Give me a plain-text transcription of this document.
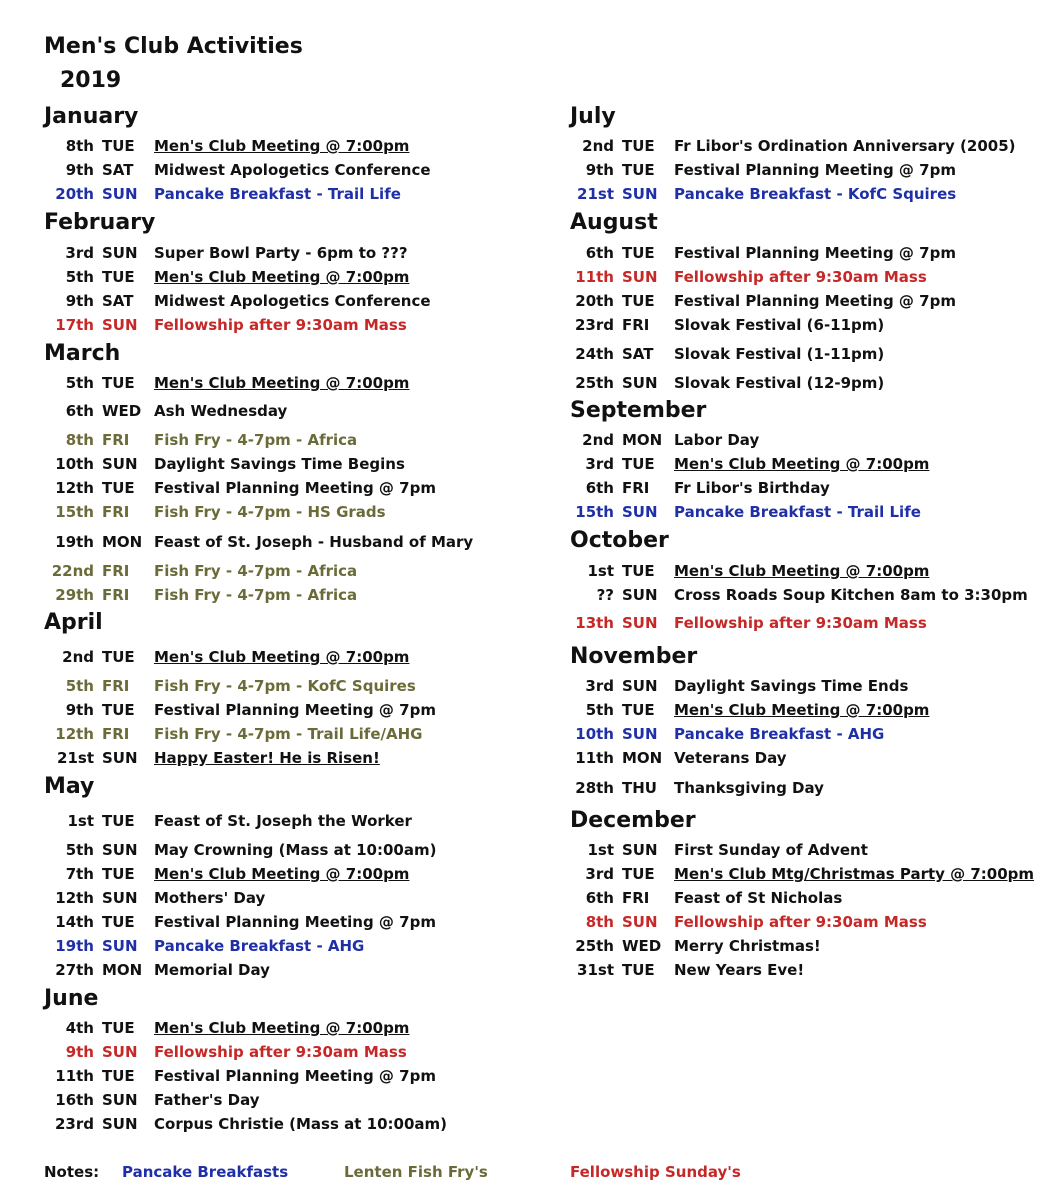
Men's Club Activities
2019
January
8th TUE Men's Club Meeting @ 7:00pm
9th SAT Midwest Apologetics Conference
20th SUN Pancake Breakfast - Trail Life
February
3rd SUN Super Bowl Party - 6pm to ???
5th TUE Men's Club Meeting @ 7:00pm
9th SAT Midwest Apologetics Conference
17th SUN Fellowship after 9:30am Mass
March
5th TUE Men's Club Meeting @ 7:00pm
6th WED Ash Wednesday
8th FRI Fish Fry - 4-7pm - Africa
10th SUN Daylight Savings Time Begins
12th TUE Festival Planning Meeting @ 7pm
15th FRI Fish Fry - 4-7pm - HS Grads
19th MON Feast of St. Joseph - Husband of Mary
22nd FRI Fish Fry - 4-7pm - Africa
29th FRI Fish Fry - 4-7pm - Africa
April
2nd TUE Men's Club Meeting @ 7:00pm
5th FRI Fish Fry - 4-7pm - KofC Squires
9th TUE Festival Planning Meeting @ 7pm
12th FRI Fish Fry - 4-7pm - Trail Life/AHG
21st SUN Happy Easter! He is Risen!
May
1st TUE Feast of St. Joseph the Worker
5th SUN May Crowning (Mass at 10:00am)
7th TUE Men's Club Meeting @ 7:00pm
12th SUN Mothers' Day
14th TUE Festival Planning Meeting @ 7pm
19th SUN Pancake Breakfast - AHG
27th MON Memorial Day
June
4th TUE Men's Club Meeting @ 7:00pm
9th SUN Fellowship after 9:30am Mass
11th TUE Festival Planning Meeting @ 7pm
16th SUN Father's Day
23rd SUN Corpus Christie (Mass at 10:00am)
July
2nd TUE Fr Libor's Ordination Anniversary (2005)
9th TUE Festival Planning Meeting @ 7pm
21st SUN Pancake Breakfast - KofC Squires
August
6th TUE Festival Planning Meeting @ 7pm
11th SUN Fellowship after 9:30am Mass
20th TUE Festival Planning Meeting @ 7pm
23rd FRI Slovak Festival (6-11pm)
24th SAT Slovak Festival (1-11pm)
25th SUN Slovak Festival (12-9pm)
September
2nd MON Labor Day
3rd TUE Men's Club Meeting @ 7:00pm
6th FRI Fr Libor's Birthday
15th SUN Pancake Breakfast - Trail Life
October
1st TUE Men's Club Meeting @ 7:00pm
?? SUN Cross Roads Soup Kitchen 8am to 3:30pm
13th SUN Fellowship after 9:30am Mass
November
3rd SUN Daylight Savings Time Ends
5th TUE Men's Club Meeting @ 7:00pm
10th SUN Pancake Breakfast - AHG
11th MON Veterans Day
28th THU Thanksgiving Day
December
1st SUN First Sunday of Advent
3rd TUE Men's Club Mtg/Christmas Party @ 7:00pm
6th FRI Feast of St Nicholas
8th SUN Fellowship after 9:30am Mass
25th WED Merry Christmas!
31st TUE New Years Eve!
Notes: Pancake Breakfasts	Lenten Fish Fry's	Fellowship Sunday's
